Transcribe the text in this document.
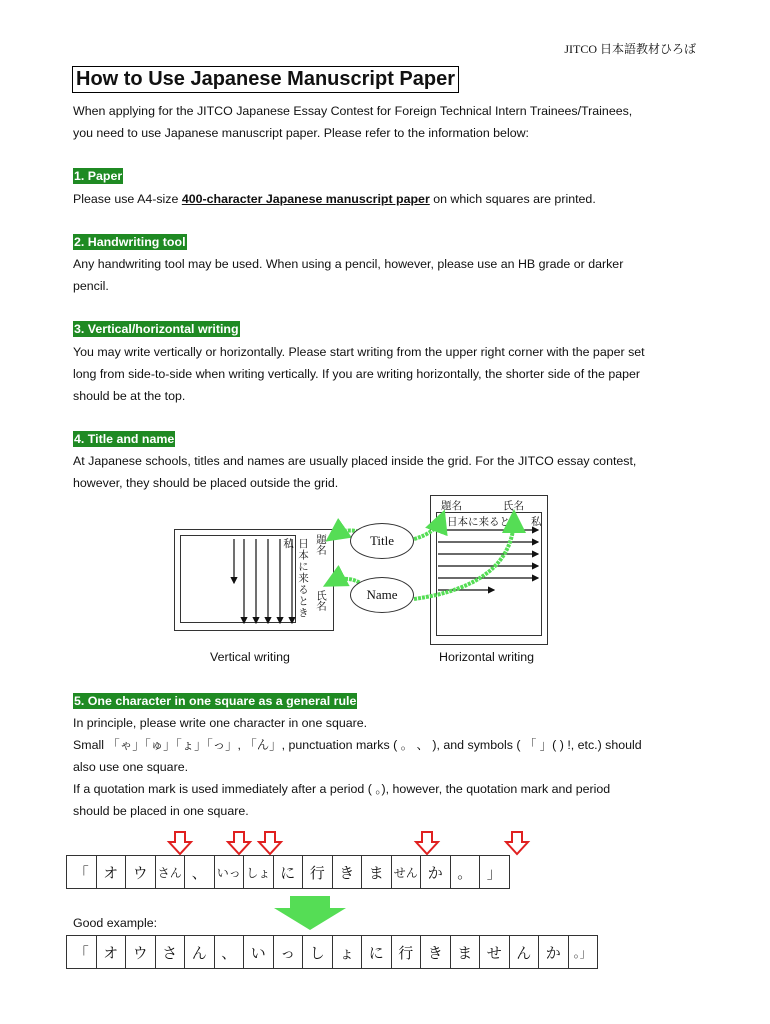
JITCO 日本語教材ひろば
How to Use Japanese Manuscript Paper
When applying for the JITCO Japanese Essay Contest for Foreign Technical Intern Trainees/Trainees,
you need to use Japanese manuscript paper. Please refer to the information below:
1. Paper
Please use A4-size 400-character Japanese manuscript paper on which squares are printed.
2. Handwriting tool
Any handwriting tool may be used. When using a pencil, however, please use an HB grade or darker
pencil.
3. Vertical/horizontal writing
You may write vertically or horizontally. Please start writing from the upper right corner with the paper set
long from side-to-side when writing vertically. If you are writing horizontally, the shorter side of the paper
should be at the top.
4. Title and name
At Japanese schools, titles and names are usually placed inside the grid. For the JITCO essay contest,
however, they should be placed outside the grid.
日本に来るとき 私	題名
氏名
題名	氏名
日本に来るとき　私
Title
Name
Vertical writing	Horizontal writing
5. One character in one square as a general rule
In principle, please write one character in one square.
Small 「ゃ」「ゅ」「ょ」「っ」, 「ん」, punctuation marks ( 。 、 ), and symbols ( 「 」( ) !, etc.) should
also use one square.
If a quotation mark is used immediately after a period ( 。), however, the quotation mark and period
should be placed in one square.
「 オ ウ さん 、 いっ しょ に 行 き ま せん か 。 」
Good example:
「 オ ウ さ ん 、 い っ し ょ に 行 き ま せ ん か	。」
